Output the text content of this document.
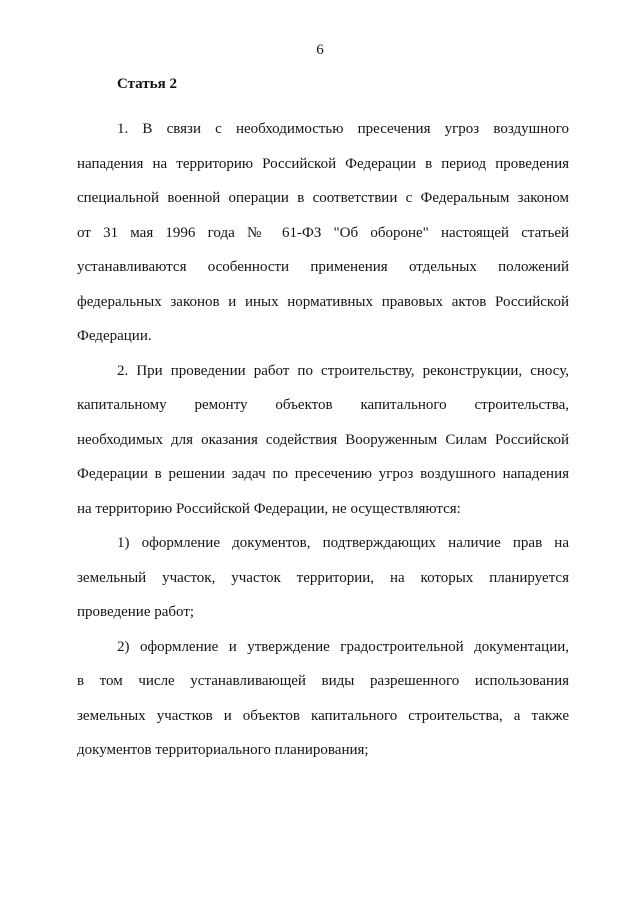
6
Статья 2

1. В связи с необходимостью пресечения угроз воздушного
нападения на территорию Российской Федерации в период проведения
специальной военной операции в соответствии с Федеральным законом
от 31 мая 1996 года № 61-ФЗ "Об обороне" настоящей статьей
устанавливаются особенности применения отдельных положений
федеральных законов и иных нормативных правовых актов Российской
Федерации.

2. При проведении работ по строительству, реконструкции, сносу,
капитальному ремонту объектов капитального строительства,
необходимых для оказания содействия Вооруженным Силам Российской
Федерации в решении задач по пресечению угроз воздушного нападения
на территорию Российской Федерации, не осуществляются:

1) оформление документов, подтверждающих наличие прав на
земельный участок, участок территории, на которых планируется
проведение работ;

2) оформление и утверждение градостроительной документации,
в том числе устанавливающей виды разрешенного использования
земельных участков и объектов капитального строительства, а также
документов территориального планирования;
